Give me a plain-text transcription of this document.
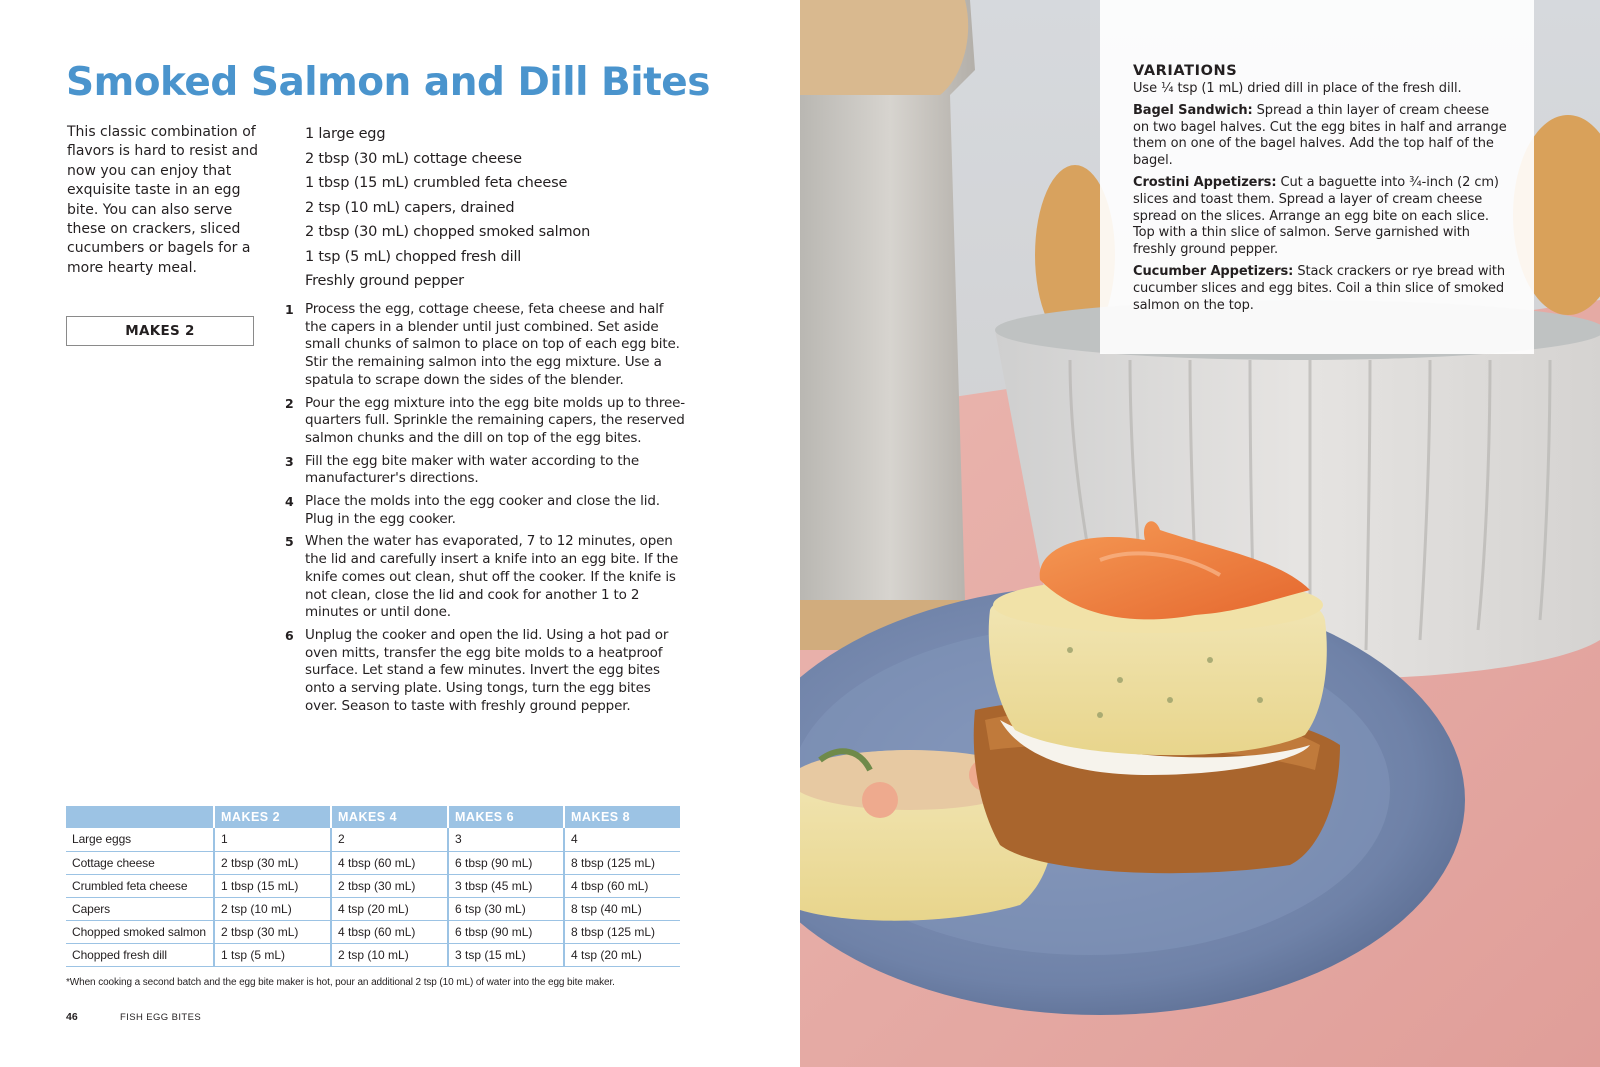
Smoked Salmon and Dill Bites

This classic combination of flavors is hard to resist and now you can enjoy that exquisite taste in an egg bite. You can also serve these on crackers, sliced cucumbers or bagels for a more hearty meal.

MAKES 2
1 large egg
2 tbsp (30 mL) cottage cheese
1 tbsp (15 mL) crumbled feta cheese
2 tsp (10 mL) capers, drained
2 tbsp (30 mL) chopped smoked salmon
1 tsp (5 mL) chopped fresh dill
Freshly ground pepper
1 Process the egg, cottage cheese, feta cheese and half the capers in a blender until just combined. Set aside small chunks of salmon to place on top of each egg bite. Stir the remaining salmon into the egg mixture. Use a spatula to scrape down the sides of the blender.
2 Pour the egg mixture into the egg bite molds up to three-quarters full. Sprinkle the remaining capers, the reserved salmon chunks and the dill on top of the egg bites.
3 Fill the egg bite maker with water according to the manufacturer's directions.
4 Place the molds into the egg cooker and close the lid. Plug in the egg cooker.
5 When the water has evaporated, 7 to 12 minutes, open the lid and carefully insert a knife into an egg bite. If the knife comes out clean, shut off the cooker. If the knife is not clean, close the lid and cook for another 1 to 2 minutes or until done.
6 Unplug the cooker and open the lid. Using a hot pad or oven mitts, transfer the egg bite molds to a heatproof surface. Let stand a few minutes. Invert the egg bites onto a serving plate. Using tongs, turn the egg bites over. Season to taste with freshly ground pepper.
	MAKES 2	MAKES 4	MAKES 6	MAKES 8
Large eggs	1	2	3	4
Cottage cheese	2 tbsp (30 mL)	4 tbsp (60 mL)	6 tbsp (90 mL)	8 tbsp (125 mL)
Crumbled feta cheese	1 tbsp (15 mL)	2 tbsp (30 mL)	3 tbsp (45 mL)	4 tbsp (60 mL)
Capers	2 tsp (10 mL)	4 tsp (20 mL)	6 tsp (30 mL)	8 tsp (40 mL)
Chopped smoked salmon	2 tbsp (30 mL)	4 tbsp (60 mL)	6 tbsp (90 mL)	8 tbsp (125 mL)
Chopped fresh dill	1 tsp (5 mL)	2 tsp (10 mL)	3 tsp (15 mL)	4 tsp (20 mL)

*When cooking a second batch and the egg bite maker is hot, pour an additional 2 tsp (10 mL) of water into the egg bite maker.

46	FISH EGG BITES
VARIATIONS

Use ¼ tsp (1 mL) dried dill in place of the fresh dill.

Bagel Sandwich: Spread a thin layer of cream cheese on two bagel halves. Cut the egg bites in half and arrange them on one of the bagel halves. Add the top half of the bagel.

Crostini Appetizers: Cut a baguette into ¾-inch (2 cm) slices and toast them. Spread a layer of cream cheese spread on the slices. Arrange an egg bite on each slice. Top with a thin slice of salmon. Serve garnished with freshly ground pepper.

Cucumber Appetizers: Stack crackers or rye bread with cucumber slices and egg bites. Coil a thin slice of smoked salmon on the top.
